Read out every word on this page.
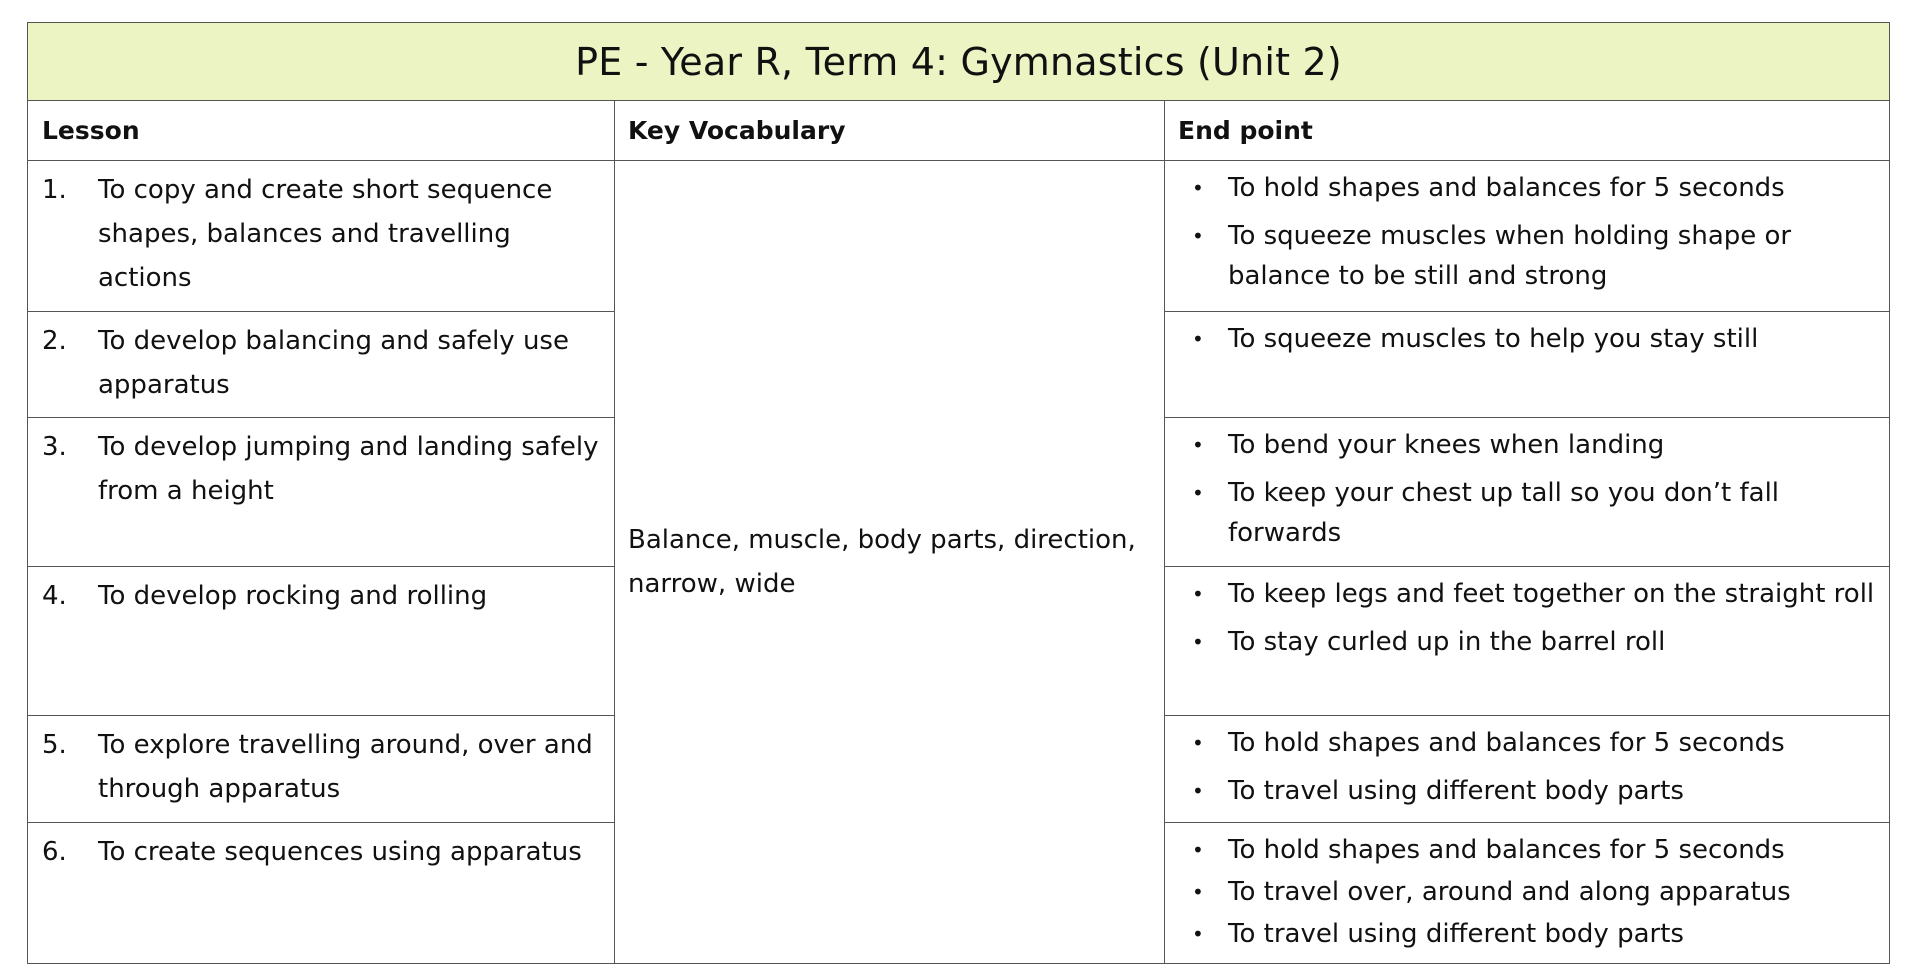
PE - Year R, Term 4: Gymnastics (Unit 2)
Lesson	Key Vocabulary	End point
Balance, muscle, body parts, direction, narrow, wide
1.	To copy and create short sequence shapes, balances and travelling actions
• To hold shapes and balances for 5 seconds
• To squeeze muscles when holding shape or balance to be still and strong
2.	To develop balancing and safely use apparatus
• To squeeze muscles to help you stay still
3.	To develop jumping and landing safely from a height
• To bend your knees when landing
• To keep your chest up tall so you don’t fall forwards
4.	To develop rocking and rolling	• To keep legs and feet together on the straight roll
• To stay curled up in the barrel roll
5.	To explore travelling around, over and through apparatus
• To hold shapes and balances for 5 seconds
• To travel using different body parts
6.	To create sequences using apparatus	• To hold shapes and balances for 5 seconds
• To travel over, around and along apparatus
• To travel using different body parts
